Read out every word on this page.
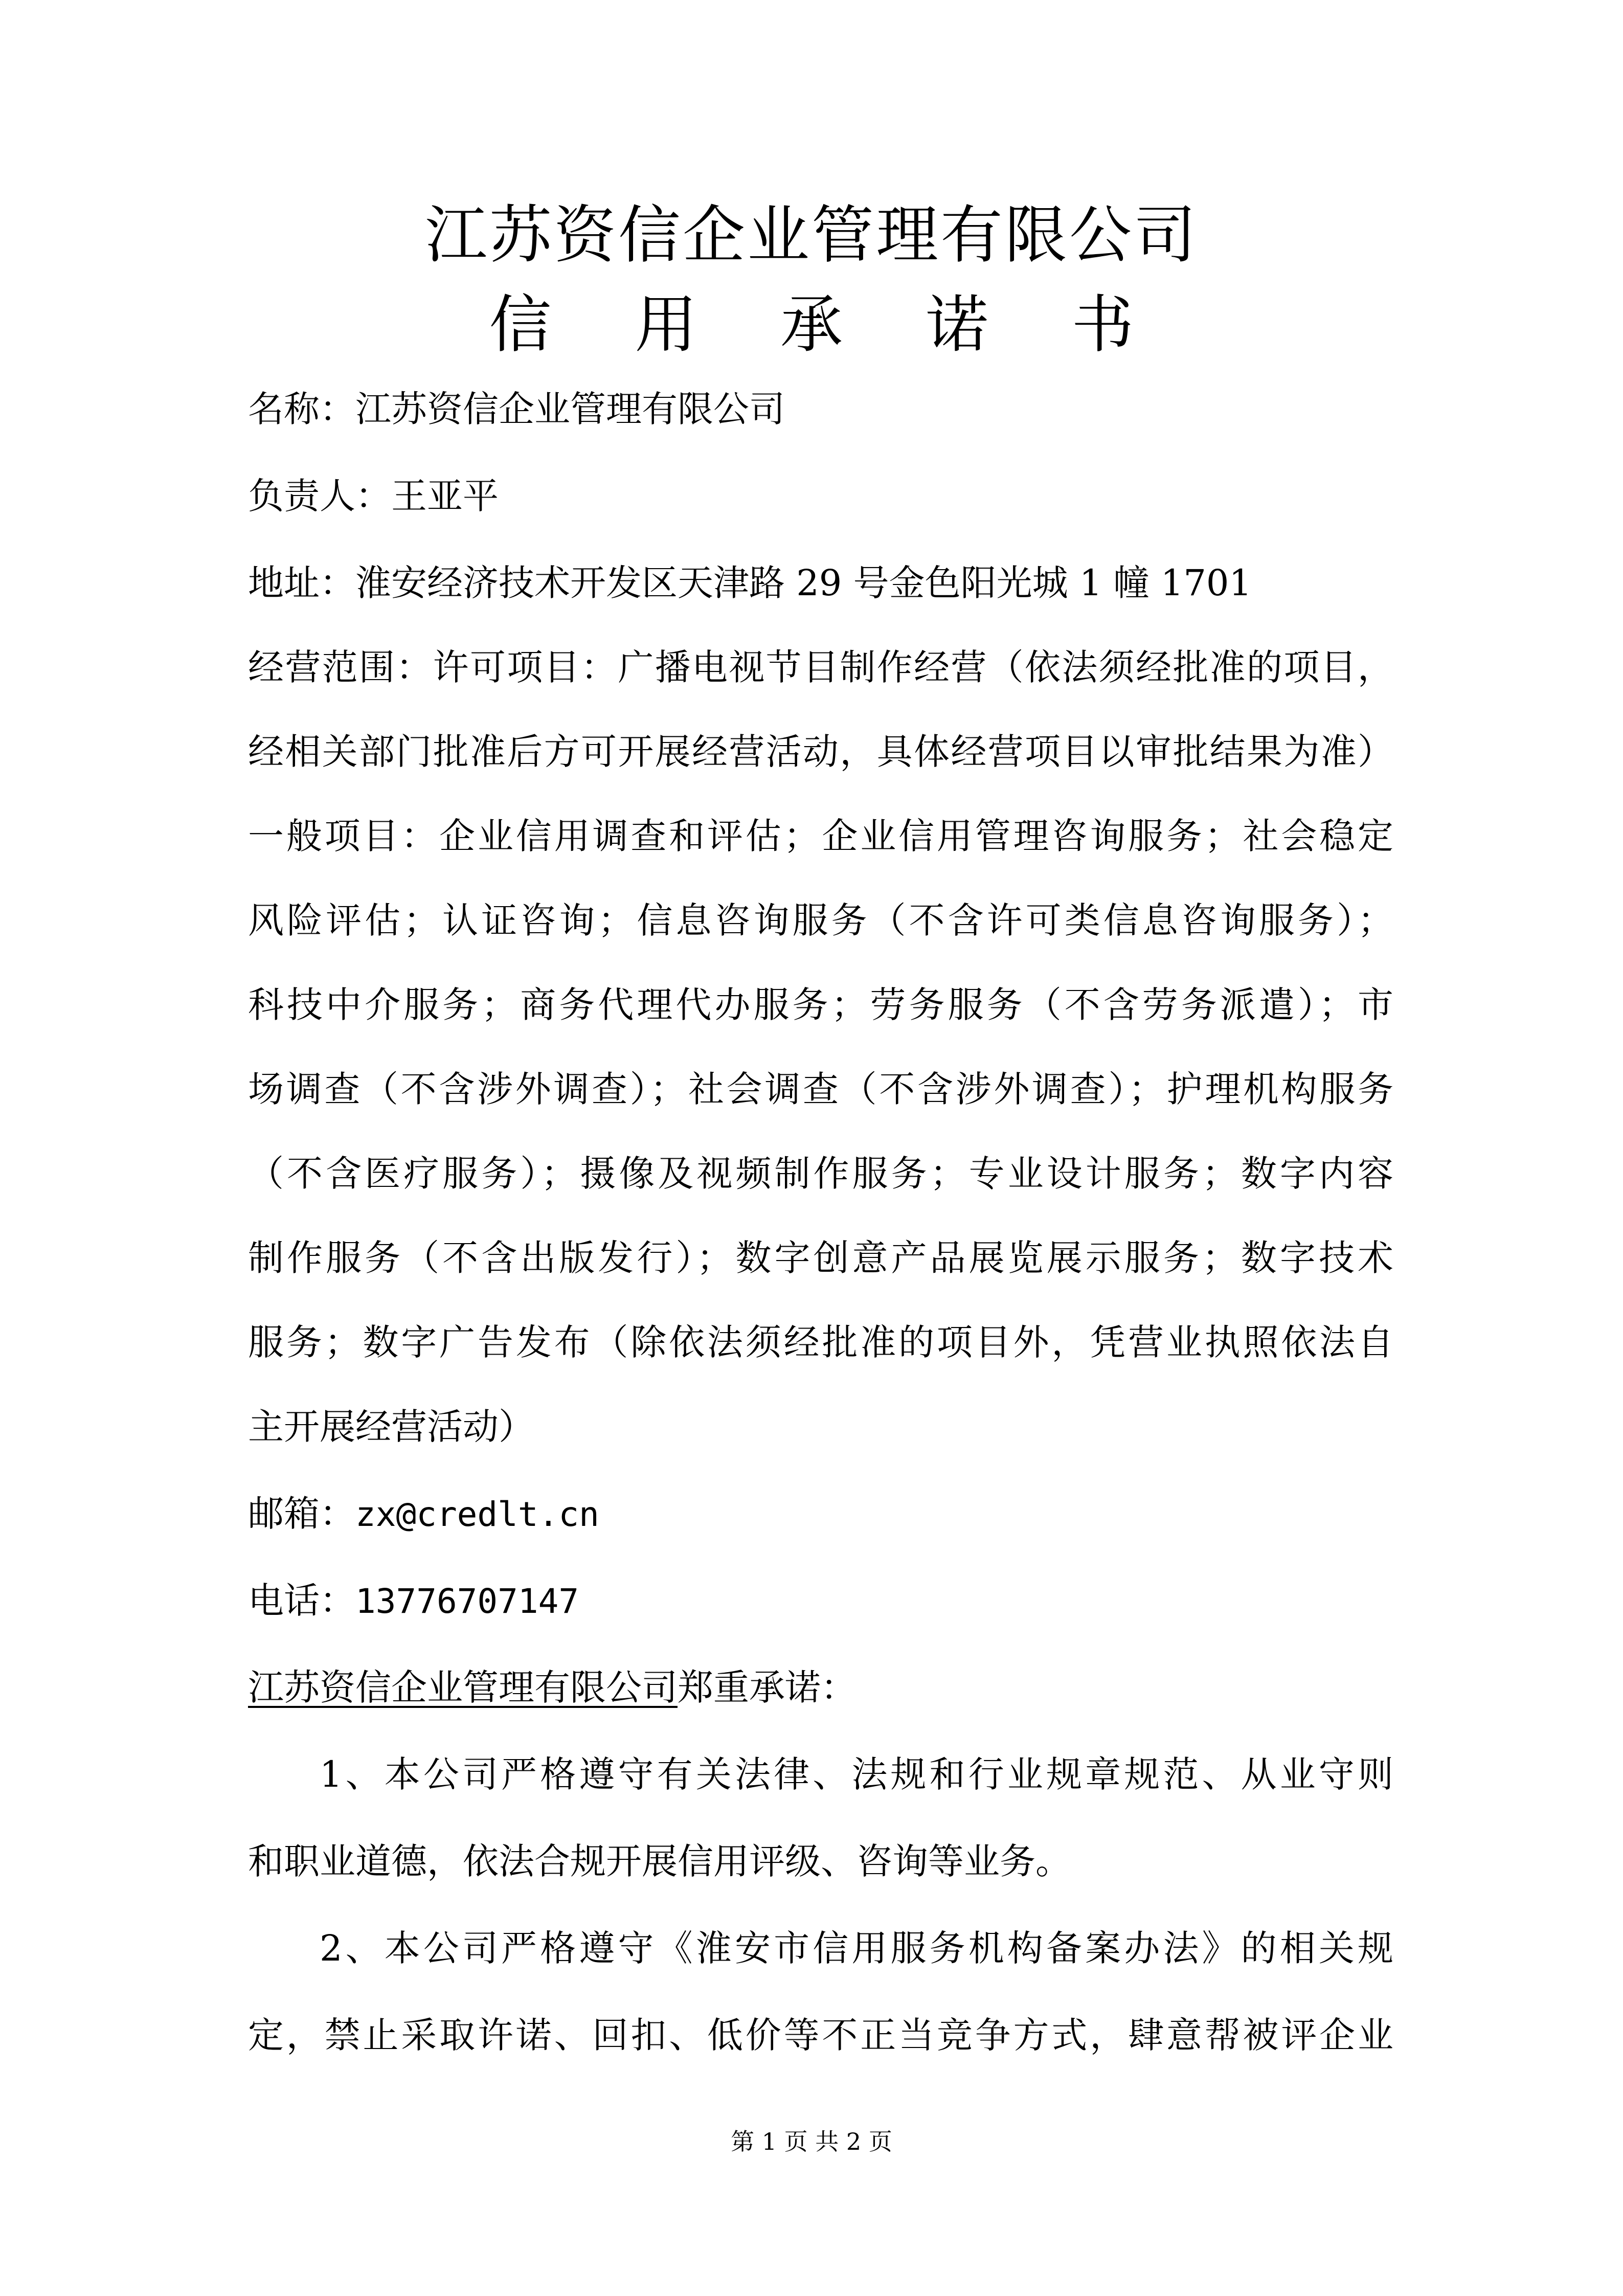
江苏资信企业管理有限公司
信 用 承 诺 书
名称：江苏资信企业管理有限公司
负责人：王亚平
地址：淮安经济技术开发区天津路 29 号金色阳光城 1 幢 1701
经营范围：许可项目：广播电视节目制作经营（依法须经批准的项目，
经相关部门批准后方可开展经营活动，具体经营项目以审批结果为准）
一般项目：企业信用调查和评估；企业信用管理咨询服务；社会稳定
风险评估；认证咨询；信息咨询服务（不含许可类信息咨询服务）；
科技中介服务；商务代理代办服务；劳务服务（不含劳务派遣）；市
场调查（不含涉外调查）；社会调查（不含涉外调查）；护理机构服务
（不含医疗服务）；摄像及视频制作服务；专业设计服务；数字内容
制作服务（不含出版发行）；数字创意产品展览展示服务；数字技术
服务；数字广告发布（除依法须经批准的项目外，凭营业执照依法自
主开展经营活动）
邮箱：zx@credlt.cn
电话：13776707147
江苏资信企业管理有限公司郑重承诺：
1、本公司严格遵守有关法律、法规和行业规章规范、从业守则
和职业道德，依法合规开展信用评级、咨询等业务。
2、本公司严格遵守《淮安市信用服务机构备案办法》的相关规
定，禁止采取许诺、回扣、低价等不正当竞争方式，肆意帮被评企业
第 1 页 共 2 页
